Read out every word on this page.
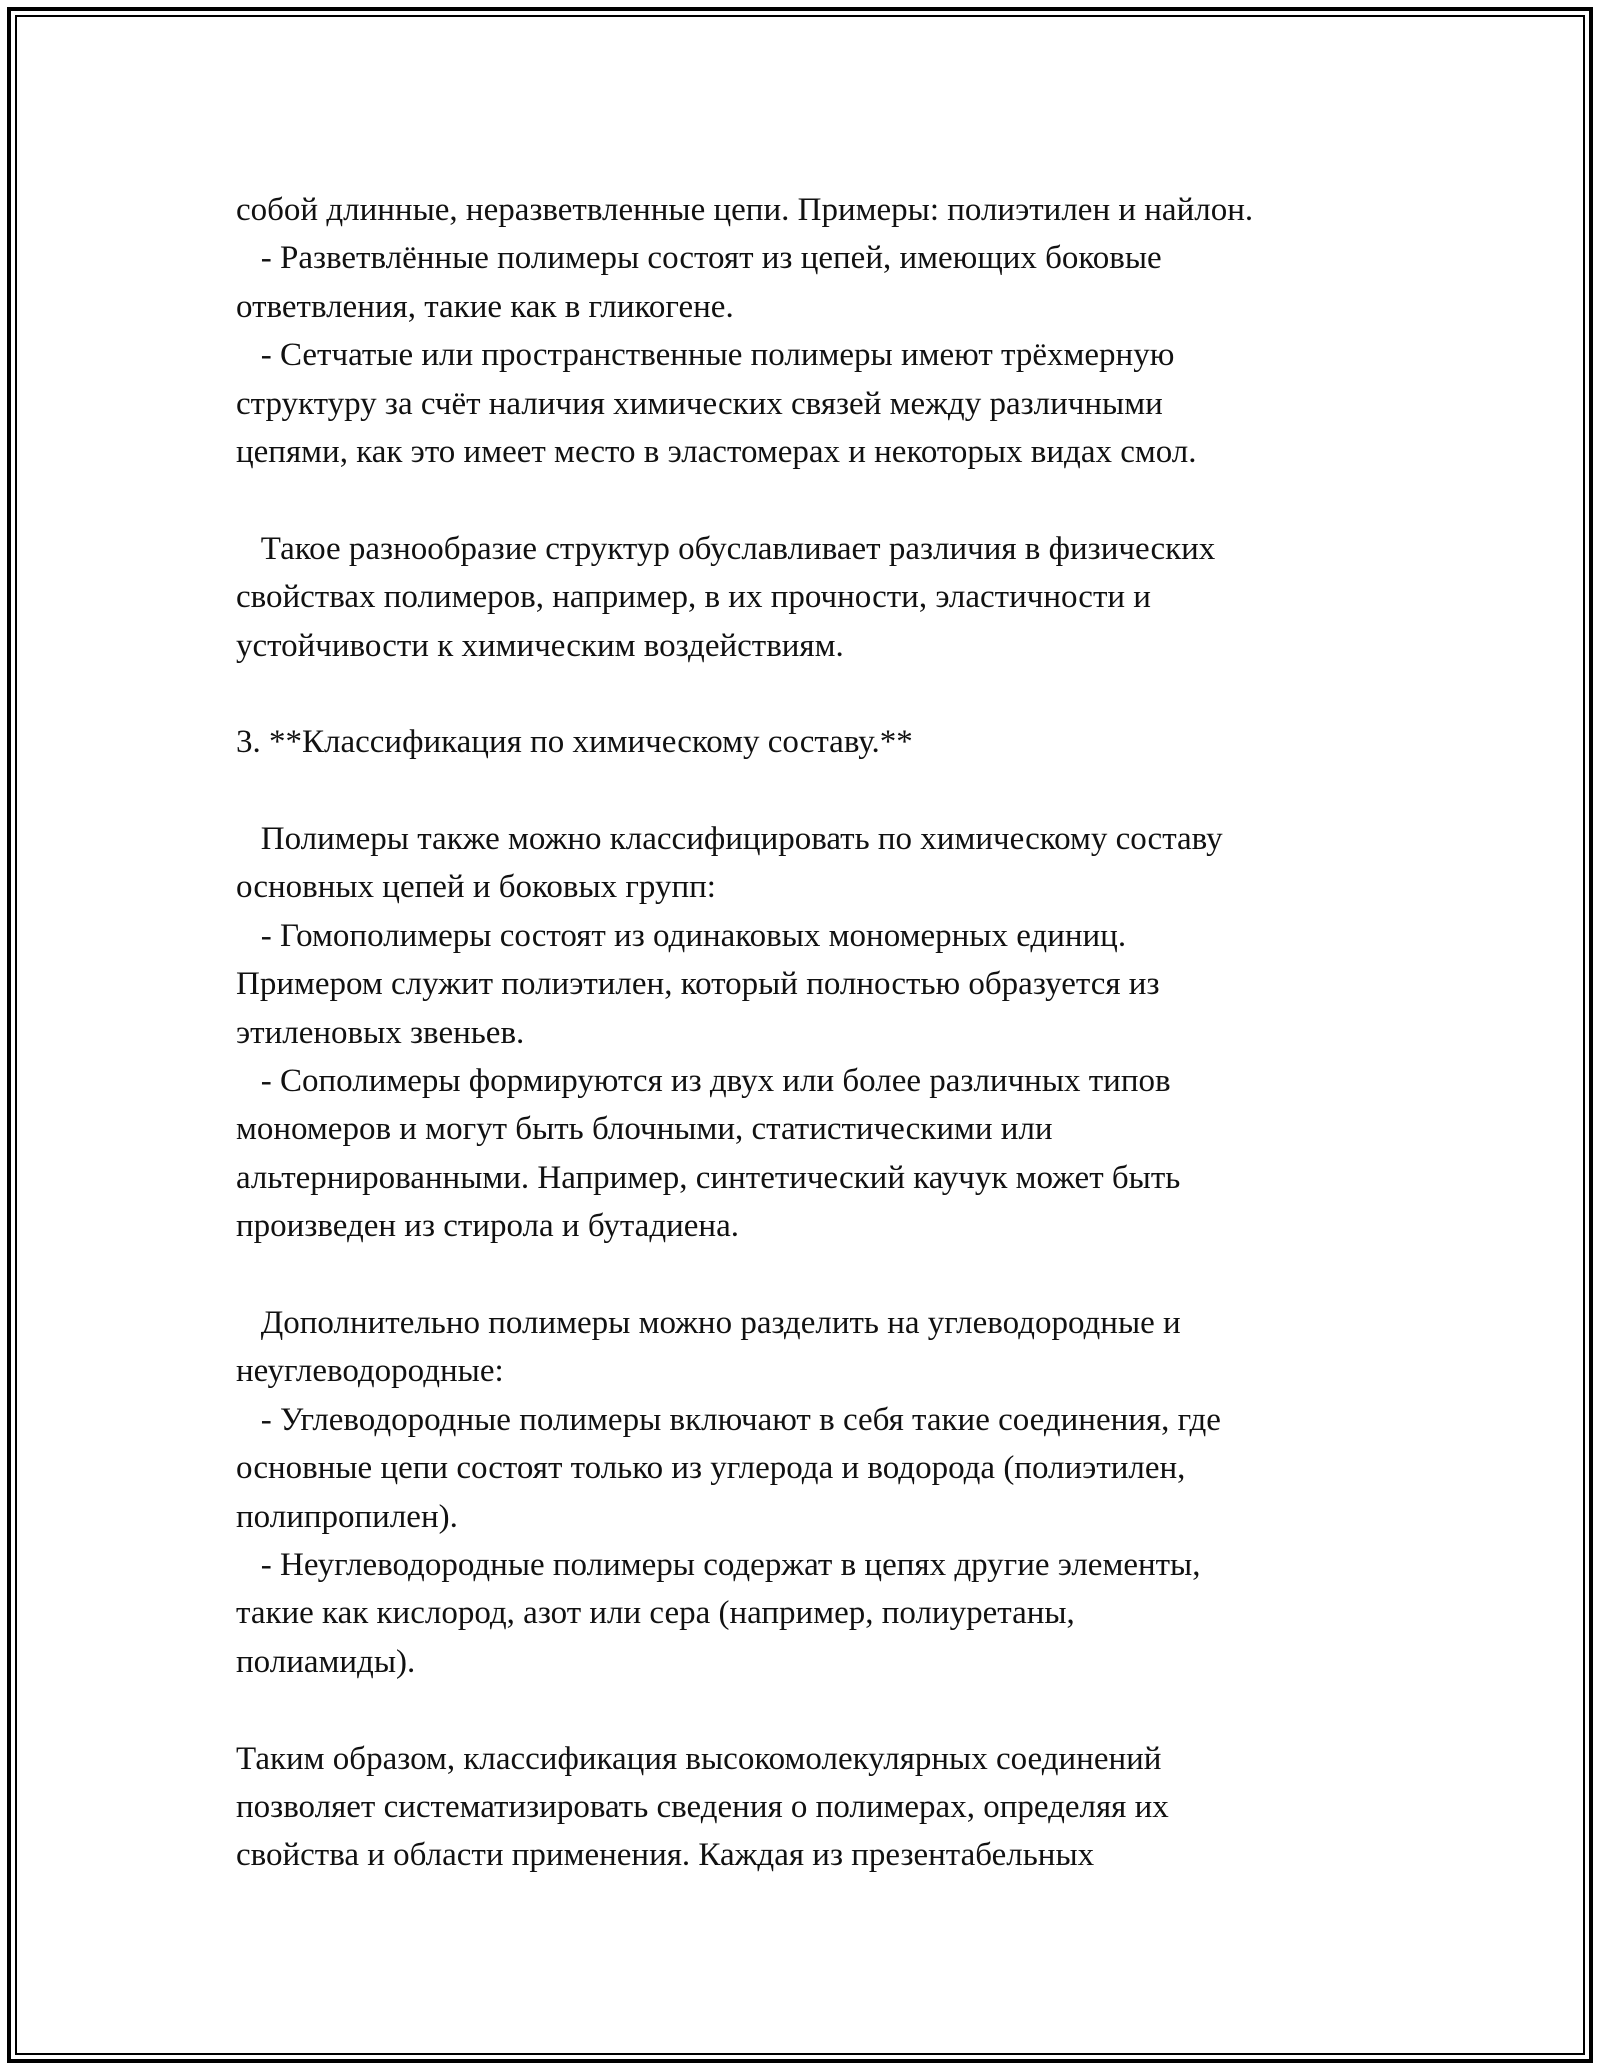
собой длинные, неразветвленные цепи. Примеры: полиэтилен и найлон.
- Разветвлённые полимеры состоят из цепей, имеющих боковые
ответвления, такие как в гликогене.
- Сетчатые или пространственные полимеры имеют трёхмерную
структуру за счёт наличия химических связей между различными
цепями, как это имеет место в эластомерах и некоторых видах смол.
Такое разнообразие структур обуславливает различия в физических
свойствах полимеров, например, в их прочности, эластичности и
устойчивости к химическим воздействиям.
3. **Классификация по химическому составу.**
Полимеры также можно классифицировать по химическому составу
основных цепей и боковых групп:
- Гомополимеры состоят из одинаковых мономерных единиц.
Примером служит полиэтилен, который полностью образуется из
этиленовых звеньев.
- Сополимеры формируются из двух или более различных типов
мономеров и могут быть блочными, статистическими или
альтернированными. Например, синтетический каучук может быть
произведен из стирола и бутадиена.
Дополнительно полимеры можно разделить на углеводородные и
неуглеводородные:
- Углеводородные полимеры включают в себя такие соединения, где
основные цепи состоят только из углерода и водорода (полиэтилен,
полипропилен).
- Неуглеводородные полимеры содержат в цепях другие элементы,
такие как кислород, азот или сера (например, полиуретаны,
полиамиды).
Таким образом, классификация высокомолекулярных соединений
позволяет систематизировать сведения о полимерах, определяя их
свойства и области применения. Каждая из презентабельных
